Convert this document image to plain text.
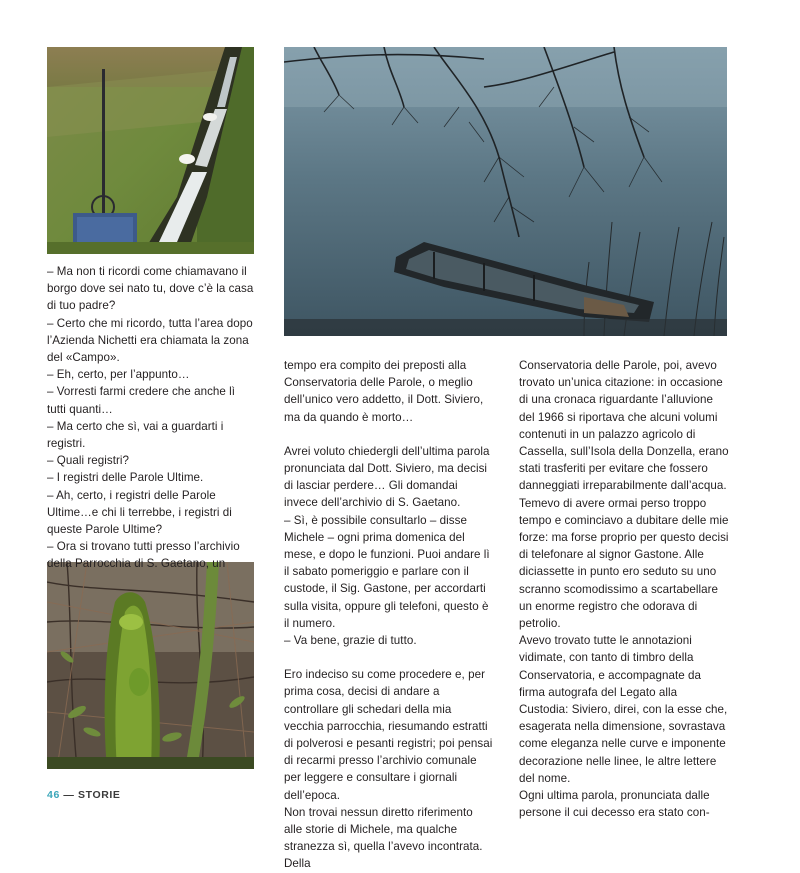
– Ma non ti ricordi come chiamavano il borgo dove sei nato tu, dove c’è la casa di tuo padre?

– Certo che mi ricordo, tutta l’area dopo l’Azienda Nichetti era chiamata la zona del «Campo».

– Eh, certo, per l’appunto…

– Vorresti farmi credere che anche lì tutti quanti…

– Ma certo che sì, vai a guardarti i registri.

– Quali registri?

– I registri delle Parole Ultime.

– Ah, certo, i registri delle Parole Ultime…e chi li terrebbe, i registri di queste Parole Ultime?

– Ora si trovano tutti presso l’archivio della Parrocchia di S. Gaetano, un

tempo era compito dei preposti alla Conservatoria delle Parole, o meglio dell’unico vero addetto, il Dott. Siviero, ma da quando è morto…

Avrei voluto chiedergli dell’ultima parola pronunciata dal Dott. Siviero, ma decisi di lasciar perdere… Gli domandai invece dell’archivio di S. Gaetano.

– Sì, è possibile consultarlo – disse Michele – ogni prima domenica del mese, e dopo le funzioni. Puoi andare lì il sabato pomeriggio e parlare con il custode, il Sig. Gastone, per accordarti sulla visita, oppure gli telefoni, questo è il numero.

– Va bene, grazie di tutto.

Ero indeciso su come procedere e, per prima cosa, decisi di andare a controllare gli schedari della mia vecchia parrocchia, riesumando estratti di polverosi e pesanti registri; poi pensai di recarmi presso l’archivio comunale per leggere e consultare i giornali dell’epoca.

Non trovai nessun diretto riferimento alle storie di Michele, ma qualche stranezza sì, quella l’avevo incontrata. Della

Conservatoria delle Parole, poi, avevo trovato un’unica citazione: in occasione di una cronaca riguardante l’alluvione del 1966 si riportava che alcuni volumi contenuti in un palazzo agricolo di Cassella, sull’Isola della Donzella, erano stati trasferiti per evitare che fossero danneggiati irreparabilmente dall’acqua.

Temevo di avere ormai perso troppo tempo e cominciavo a dubitare delle mie forze: ma forse proprio per questo decisi di telefonare al signor Gastone. Alle diciassette in punto ero seduto su uno scranno scomodissimo a scartabellare un enorme registro che odorava di petrolio.

Avevo trovato tutte le annotazioni vidimate, con tanto di timbro della Conservatoria, e accompagnate da firma autografa del Legato alla Custodia: Siviero, direi, con la esse che, esagerata nella dimensione, sovrastava come eleganza nelle curve e imponente decorazione nelle linee, le altre lettere del nome.

Ogni ultima parola, pronunciata dalle persone il cui decesso era stato con-

46 — STORIE
